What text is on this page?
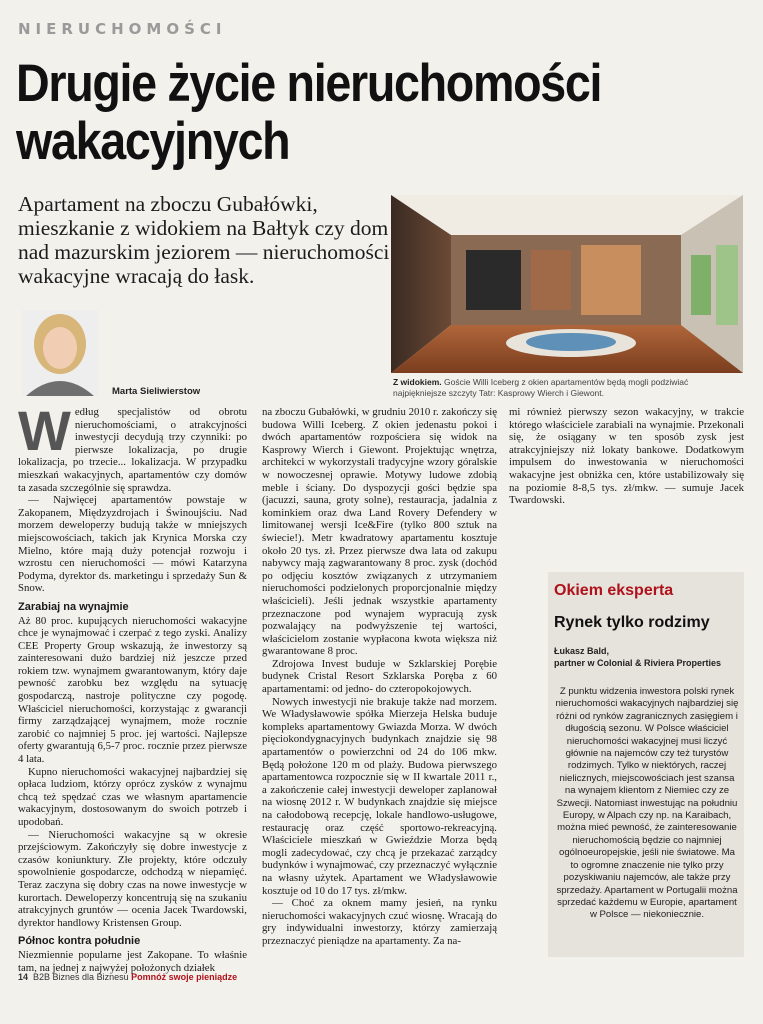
NIERUCHOMOŚCI
Drugie życie nieruchomości
wakacyjnych
Apartament na zboczu Gubałówki, mieszkanie z widokiem na Bałtyk czy dom nad mazurskim jeziorem — nieruchomości wakacyjne wracają do łask.
Z widokiem. Goście Willi Iceberg z okien apartamentów będą mogli podziwiać najpiękniejsze szczyty Tatr: Kasprowy Wierch i Giewont.
Marta Sieliwierstow
W edług specjalistów od obrotu nieruchomościami, o atrakcyjności inwestycji decydują trzy czynniki: po pierwsze lokalizacja, po drugie lokalizacja, po trzecie... lokalizacja. W przypadku mieszkań wakacyjnych, apartamentów czy domów ta zasada szczególnie się sprawdza.

— Najwięcej apartamentów powstaje w Zakopanem, Międzyzdrojach i Świnoujściu. Nad morzem deweloperzy budują także w mniejszych miejscowościach, takich jak Krynica Morska czy Mielno, które mają duży potencjał rozwoju i wzrostu cen nieruchomości — mówi Katarzyna Podyma, dyrektor ds. marketingu i sprzedaży Sun & Snow.

Zarabiaj na wynajmie

Aż 80 proc. kupujących nieruchomości wakacyjne chce je wynajmować i czerpać z tego zyski. Analizy CEE Property Group wskazują, że inwestorzy są zainteresowani dużo bardziej niż jeszcze przed rokiem tzw. wynajmem gwarantowanym, który daje pewność zarobku bez względu na sytuację gospodarczą, nastroje polityczne czy pogodę. Właściciel nieruchomości, korzystając z gwarancji firmy zarządzającej wynajmem, może rocznie zarobić co najmniej 5 proc. jej wartości. Najlepsze oferty gwarantują 6,5-7 proc. rocznie przez pierwsze 4 lata.

Kupno nieruchomości wakacyjnej najbardziej się opłaca ludziom, którzy oprócz zysków z wynajmu chcą też spędzać czas we własnym apartamencie wakacyjnym, dostosowanym do swoich potrzeb i upodobań.

— Nieruchomości wakacyjne są w okresie przejściowym. Zakończyły się dobre inwestycje z czasów koniunktury. Złe projekty, które odczuły spowolnienie gospodarcze, odchodzą w niepamięć. Teraz zaczyna się dobry czas na nowe inwestycje w kurortach. Deweloperzy koncentrują się na szukaniu atrakcyjnych gruntów — ocenia Jacek Twardowski, dyrektor handlowy Kristensen Group.

Północ kontra południe

Niezmiennie popularne jest Zakopane. To właśnie tam, na jednej z najwyżej położonych działek

na zboczu Gubałówki, w grudniu 2010 r. zakończy się budowa Willi Iceberg. Z okien jedenastu pokoi i dwóch apartamentów rozpościera się widok na Kasprowy Wierch i Giewont. Projektując wnętrza, architekci w wykorzystali tradycyjne wzory góralskie w nowoczesnej oprawie. Motywy ludowe zdobią meble i ściany. Do dyspozycji gości będzie spa (jacuzzi, sauna, groty solne), restauracja, jadalnia z kominkiem oraz dwa Land Rovery Defendery w limitowanej wersji Ice&Fire (tylko 800 sztuk na świecie!). Metr kwadratowy apartamentu kosztuje około 20 tys. zł. Przez pierwsze dwa lata od zakupu nabywcy mają zagwarantowany 8 proc. zysk (dochód po odjęciu kosztów związanych z utrzymaniem nieruchomości podzielonych proporcjonalnie między właścicieli). Jeśli jednak wszystkie apartamenty przeznaczone pod wynajem wypracują zysk pozwalający na podwyższenie tej wartości, właścicielom zostanie wypłacona kwota większa niż gwarantowane 8 proc.

Zdrojowa Invest buduje w Szklarskiej Porębie budynek Cristal Resort Szklarska Poręba z 60 apartamentami: od jedno- do czteropokojowych.

Nowych inwestycji nie brakuje także nad morzem. We Władysławowie spółka Mierzeja Helska buduje kompleks apartamentowy Gwiazda Morza. W dwóch pięciokondygnacyjnych budynkach znajdzie się 98 apartamentów o powierzchni od 24 do 106 mkw. Będą położone 120 m od plaży. Budowa pierwszego apartamentowca rozpocznie się w II kwartale 2011 r., a zakończenie całej inwestycji deweloper zaplanował na wiosnę 2012 r. W budynkach znajdzie się miejsce na całodobową recepcję, lokale handlowo-usługowe, restaurację oraz część sportowo-rekreacyjną. Właściciele mieszkań w Gwieździe Morza będą mogli zadecydować, czy chcą je przekazać zarządcy budynków i wynajmować, czy przeznaczyć wyłącznie na własny użytek. Apartament we Władysławowie kosztuje od 10 do 17 tys. zł/mkw.

— Choć za oknem mamy jesień, na rynku nieruchomości wakacyjnych czuć wiosnę. Wracają do gry indywidualni inwestorzy, którzy zamierzają przeznaczyć pieniądze na apartamenty. Za na-

mi również pierwszy sezon wakacyjny, w trakcie którego właściciele zarabiali na wynajmie. Przekonali się, że osiągany w ten sposób zysk jest atrakcyjniejszy niż lokaty bankowe. Dodatkowym impulsem do inwestowania w nieruchomości wakacyjne jest obniżka cen, które ustabilizowały się na poziomie 8-8,5 tys. zł/mkw. — sumuje Jacek Twardowski.

Okiem eksperta
Rynek tylko rodzimy
Łukasz Bald,
partner w Colonial & Riviera Properties
Z punktu widzenia inwestora polski rynek nieruchomości wakacyjnych najbardziej się różni od rynków zagranicznych zasięgiem i długością sezonu. W Polsce właściciel nieruchomości wakacyjnej musi liczyć głównie na najemców czy też turystów rodzimych. Tylko w niektórych, raczej nielicznych, miejscowościach jest szansa na wynajem klientom z Niemiec czy ze Szwecji. Natomiast inwestując na południu Europy, w Alpach czy np. na Karaibach, można mieć pewność, że zainteresowanie nieruchomością będzie co najmniej ogólnoeuropejskie, jeśli nie światowe. Ma to ogromne znaczenie nie tylko przy pozyskiwaniu najemców, ale także przy sprzedaży. Apartament w Portugalii można sprzedać każdemu w Europie, apartament w Polsce — niekoniecznie.
14 B2B Biznes dla Biznesu Pomnóż swoje pieniądze
